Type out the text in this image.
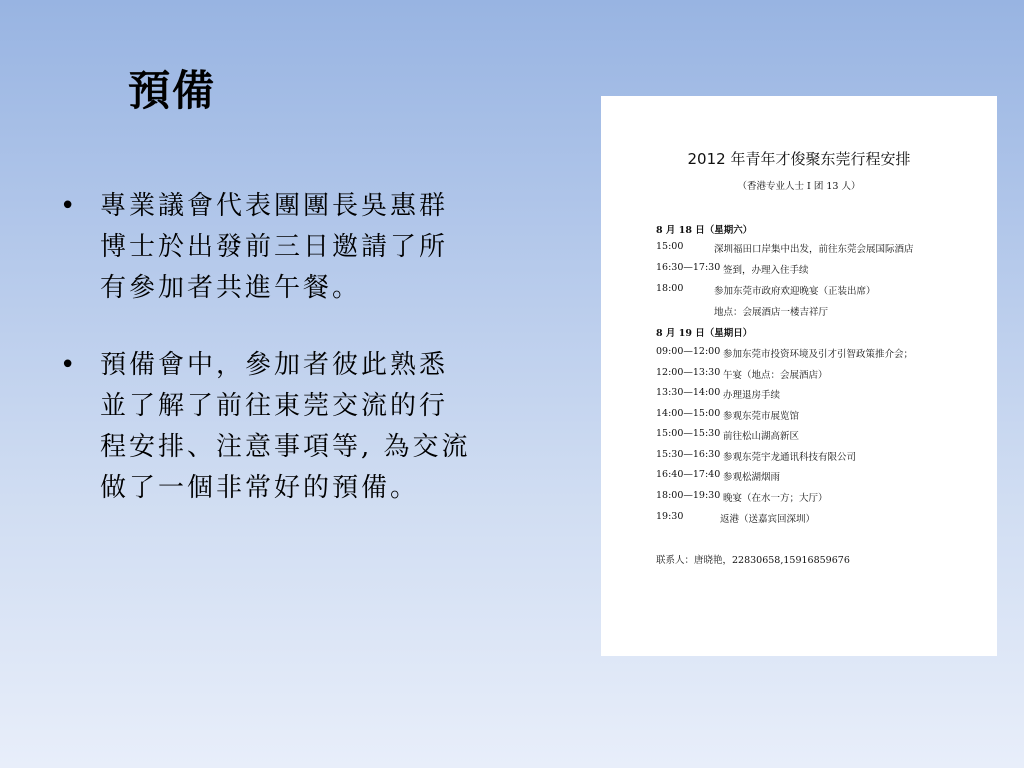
預備
• 專業議會代表團團長吳惠群
博士於出發前三日邀請了所
有參加者共進午餐。
• 預備會中，參加者彼此熟悉
並了解了前往東莞交流的行
程安排、注意事項等, 為交流
做了一個非常好的預備。
2012 年青年才俊聚东莞行程安排
（香港专业人士 I 团 13 人）
8 月 18 日（星期六）
15:00	深圳福田口岸集中出发，前往东莞会展国际酒店
16:30—17:30 签到，办理入住手续
18:00	参加东莞市政府欢迎晚宴（正装出席）
地点：会展酒店一楼吉祥厅
8 月 19 日（星期日）
09:00—12:00 参加东莞市投资环境及引才引智政策推介会；
12:00—13:30 午宴（地点：会展酒店）
13:30—14:00 办理退房手续
14:00—15:00 参观东莞市展览馆
15:00—15:30 前往松山湖高新区
15:30—16:30 参观东莞宇龙通讯科技有限公司
16:40—17:40 参观松湖烟雨
18:00—19:30 晚宴（在水一方；大厅）
19:30	返港（送嘉宾回深圳）
联系人：唐晓艳，22830658,15916859676
